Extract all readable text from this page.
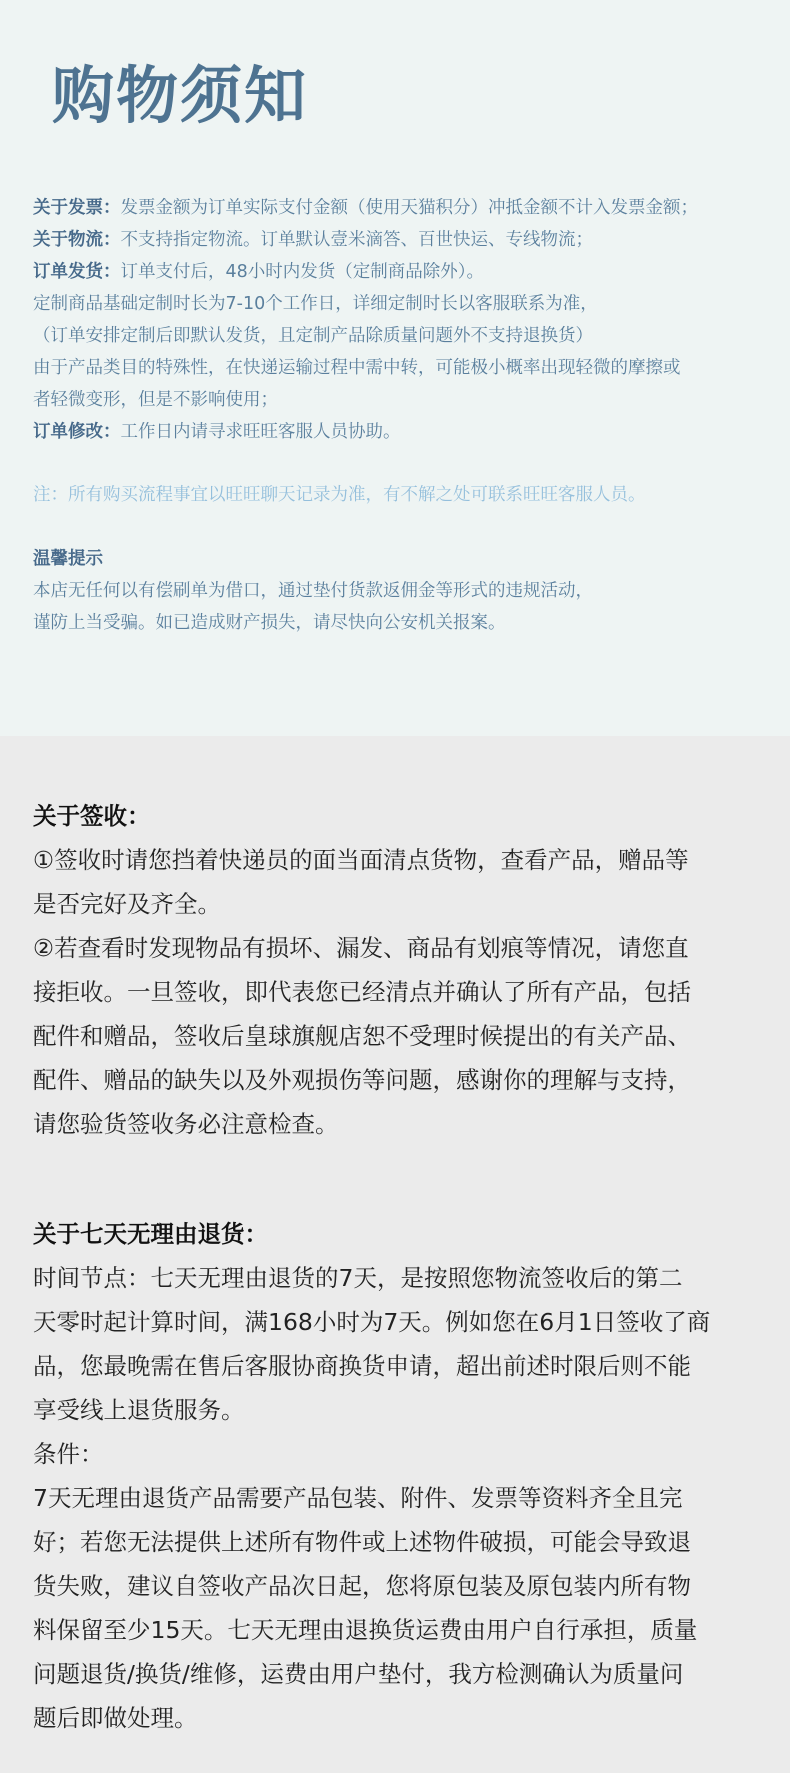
购物须知
关于发票：发票金额为订单实际支付金额（使用天猫积分）冲抵金额不计入发票金额；
关于物流：不支持指定物流。订单默认壹米滴答、百世快运、专线物流；
订单发货：订单支付后，48小时内发货（定制商品除外）。
定制商品基础定制时长为7-10个工作日，详细定制时长以客服联系为准，
（订单安排定制后即默认发货，且定制产品除质量问题外不支持退换货）
由于产品类目的特殊性，在快递运输过程中需中转，可能极小概率出现轻微的摩擦或
者轻微变形，但是不影响使用；
订单修改：工作日内请寻求旺旺客服人员协助。
注：所有购买流程事宜以旺旺聊天记录为准，有不解之处可联系旺旺客服人员。
温馨提示
本店无任何以有偿刷单为借口，通过垫付货款返佣金等形式的违规活动，
谨防上当受骗。如已造成财产损失，请尽快向公安机关报案。
关于签收：
①签收时请您挡着快递员的面当面清点货物，查看产品，赠品等
是否完好及齐全。
②若查看时发现物品有损坏、漏发、商品有划痕等情况，请您直
接拒收。一旦签收，即代表您已经清点并确认了所有产品，包括
配件和赠品，签收后皇球旗舰店恕不受理时候提出的有关产品、
配件、赠品的缺失以及外观损伤等问题，感谢你的理解与支持，
请您验货签收务必注意检查。
关于七天无理由退货：
时间节点：七天无理由退货的7天，是按照您物流签收后的第二
天零时起计算时间，满168小时为7天。例如您在6月1日签收了商
品，您最晚需在售后客服协商换货申请，超出前述时限后则不能
享受线上退货服务。
条件：
7天无理由退货产品需要产品包装、附件、发票等资料齐全且完
好；若您无法提供上述所有物件或上述物件破损，可能会导致退
货失败，建议自签收产品次日起，您将原包装及原包装内所有物
料保留至少15天。七天无理由退换货运费由用户自行承担，质量
问题退货/换货/维修，运费由用户垫付，我方检测确认为质量问
题后即做处理。
